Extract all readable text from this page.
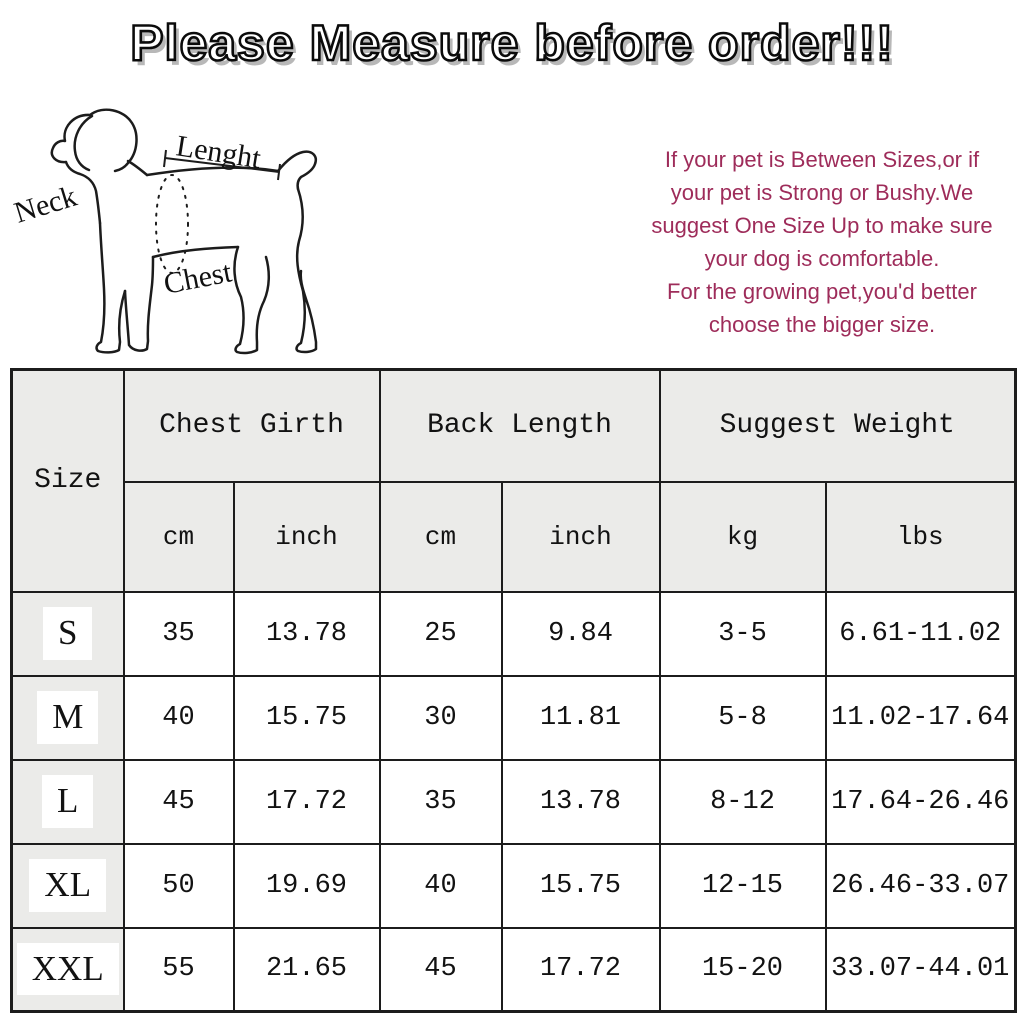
Please Measure before order!!!
Lenght
Neck
Chest
If your pet is Between Sizes,or if
your pet is Strong or Bushy.We
suggest One Size Up to make sure
your dog is comfortable.
For the growing pet,you'd better
choose the bigger size.
Size	Chest Girth		Back Length		Suggest Weight	
	cm	inch	cm	inch	kg	lbs
S	35	13.78	25	9.84	3-5	6.61-11.02
M	40	15.75	30	11.81	5-8	11.02-17.64
L	45	17.72	35	13.78	8-12	17.64-26.46
XL	50	19.69	40	15.75	12-15	26.46-33.07
XXL	55	21.65	45	17.72	15-20	33.07-44.01
